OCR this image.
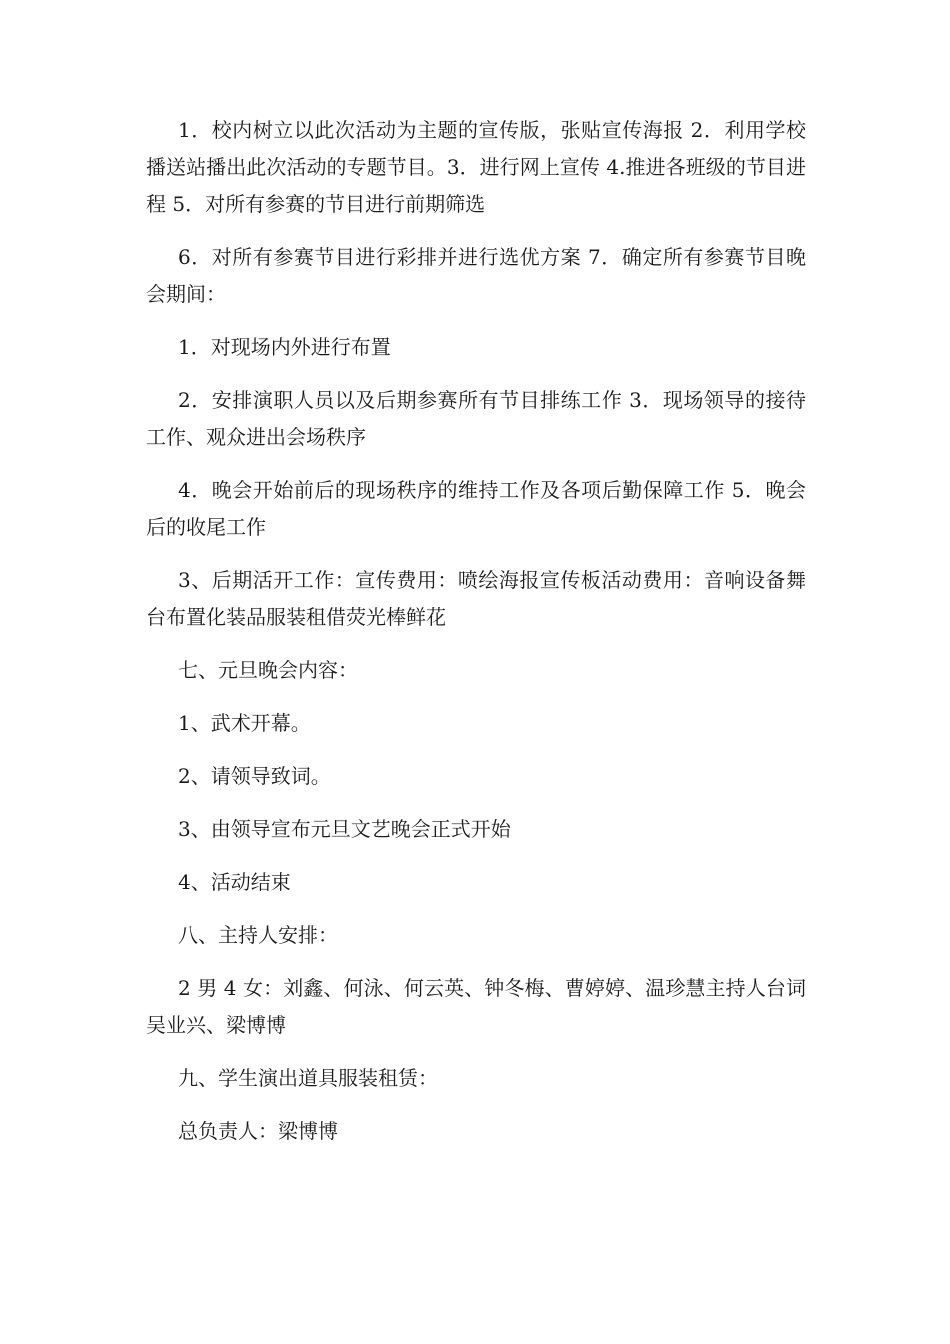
1．校内树立以此次活动为主题的宣传版，张贴宣传海报 2．利用学校播送站播出此次活动的专题节目。3．进行网上宣传 4.推进各班级的节目进程 5．对所有参赛的节目进行前期筛选

6．对所有参赛节目进行彩排并进行选优方案 7．确定所有参赛节目晚会期间：

1．对现场内外进行布置

2．安排演职人员以及后期参赛所有节目排练工作 3．现场领导的接待工作、观众进出会场秩序

4．晚会开始前后的现场秩序的维持工作及各项后勤保障工作 5．晚会后的收尾工作

3、后期活开工作：宣传费用：喷绘海报宣传板活动费用：音响设备舞台布置化装品服装租借荧光棒鲜花

七、元旦晚会内容：

1、武术开幕。

2、请领导致词。

3、由领导宣布元旦文艺晚会正式开始

4、活动结束

八、主持人安排：

2 男 4 女：刘鑫、何泳、何云英、钟冬梅、曹婷婷、温珍慧主持人台词      吴业兴、梁博博

九、学生演出道具服装租赁：

总负责人：梁博博
